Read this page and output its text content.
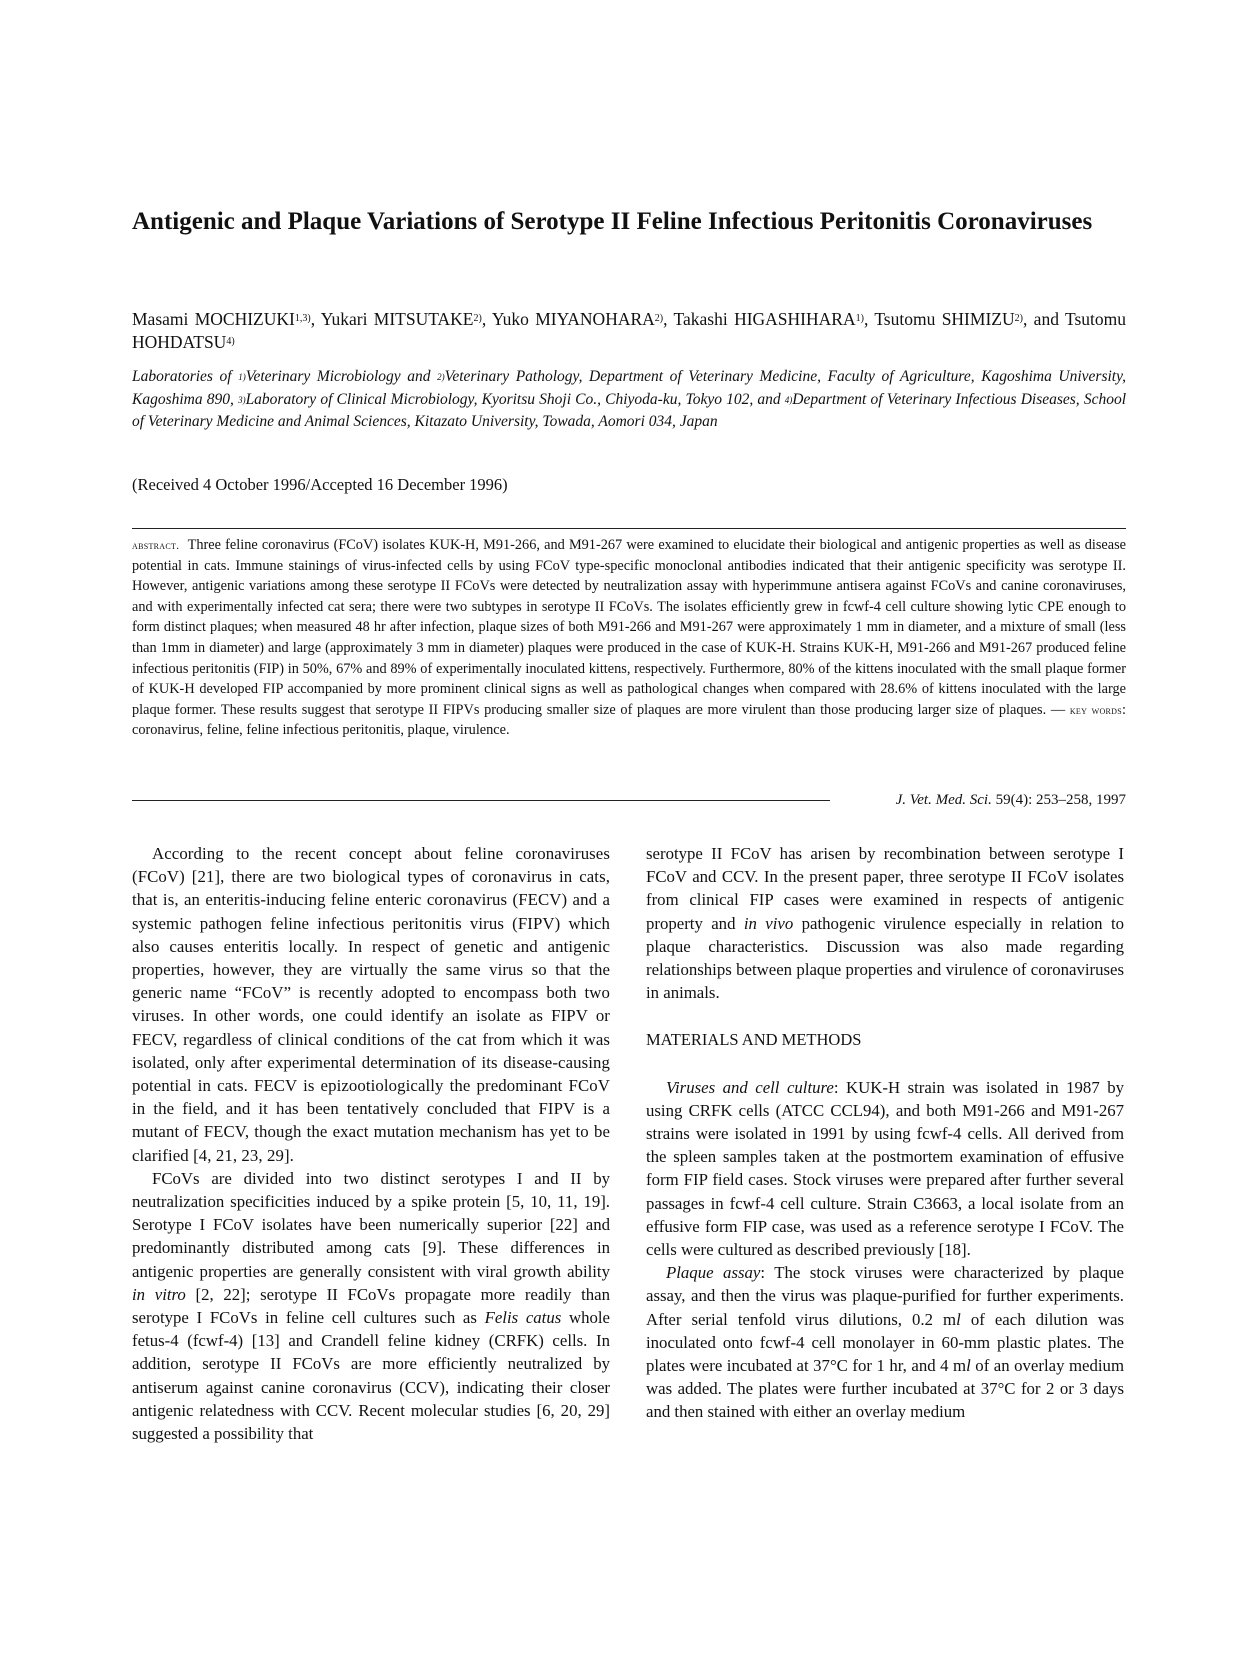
Antigenic and Plaque Variations of Serotype II Feline Infectious Peritonitis Coronaviruses

Masami MOCHIZUKI$^{1,3)}$, Yukari MITSUTAKE$^{2)}$, Yuko MIYANOHARA$^{2)}$, Takashi HIGASHIHARA$^{1)}$, Tsutomu SHIMIZU$^{2)}$, and Tsutomu HOHDATSU$^{4)}$

Laboratories of $^{1)}$Veterinary Microbiology and $^{2)}$Veterinary Pathology, Department of Veterinary Medicine, Faculty of Agriculture, Kagoshima University, Kagoshima 890, $^{3)}$Laboratory of Clinical Microbiology, Kyoritsu Shoji Co., Chiyoda-ku, Tokyo 102, and $^{4)}$Department of Veterinary Infectious Diseases, School of Veterinary Medicine and Animal Sciences, Kitazato University, Towada, Aomori 034, Japan

(Received 4 October 1996/Accepted 16 December 1996)

abstract. Three feline coronavirus (FCoV) isolates KUK-H, M91-266, and M91-267 were examined to elucidate their biological and antigenic properties as well as disease potential in cats. Immune stainings of virus-infected cells by using FCoV type-specific monoclonal antibodies indicated that their antigenic specificity was serotype II. However, antigenic variations among these serotype II FCoVs were detected by neutralization assay with hyperimmune antisera against FCoVs and canine coronaviruses, and with experimentally infected cat sera; there were two subtypes in serotype II FCoVs. The isolates efficiently grew in fcwf-4 cell culture showing lytic CPE enough to form distinct plaques; when measured 48 hr after infection, plaque sizes of both M91-266 and M91-267 were approximately 1 mm in diameter, and a mixture of small (less than 1mm in diameter) and large (approximately 3 mm in diameter) plaques were produced in the case of KUK-H. Strains KUK-H, M91-266 and M91-267 produced feline infectious peritonitis (FIP) in 50%, 67% and 89% of experimentally inoculated kittens, respectively. Furthermore, 80% of the kittens inoculated with the small plaque former of KUK-H developed FIP accompanied by more prominent clinical signs as well as pathological changes when compared with 28.6% of kittens inoculated with the large plaque former. These results suggest that serotype II FIPVs producing smaller size of plaques are more virulent than those producing larger size of plaques. — key words: coronavirus, feline, feline infectious peritonitis, plaque, virulence.

J. Vet. Med. Sci. 59(4): 253–258, 1997

According to the recent concept about feline coronaviruses (FCoV) [21], there are two biological types of coronavirus in cats, that is, an enteritis-inducing feline enteric coronavirus (FECV) and a systemic pathogen feline infectious peritonitis virus (FIPV) which also causes enteritis locally. In respect of genetic and antigenic properties, however, they are virtually the same virus so that the generic name “FCoV” is recently adopted to encompass both two viruses. In other words, one could identify an isolate as FIPV or FECV, regardless of clinical conditions of the cat from which it was isolated, only after experimental determination of its disease-causing potential in cats. FECV is epizootiologically the predominant FCoV in the field, and it has been tentatively concluded that FIPV is a mutant of FECV, though the exact mutation mechanism has yet to be clarified [4, 21, 23, 29].

FCoVs are divided into two distinct serotypes I and II by neutralization specificities induced by a spike protein [5, 10, 11, 19]. Serotype I FCoV isolates have been numerically superior [22] and predominantly distributed among cats [9]. These differences in antigenic properties are generally consistent with viral growth ability in vitro [2, 22]; serotype II FCoVs propagate more readily than serotype I FCoVs in feline cell cultures such as Felis catus whole fetus-4 (fcwf-4) [13] and Crandell feline kidney (CRFK) cells. In addition, serotype II FCoVs are more efficiently neutralized by antiserum against canine coronavirus (CCV), indicating their closer antigenic relatedness with CCV. Recent molecular studies [6, 20, 29] suggested a possibility that

serotype II FCoV has arisen by recombination between serotype I FCoV and CCV. In the present paper, three serotype II FCoV isolates from clinical FIP cases were examined in respects of antigenic property and in vivo pathogenic virulence especially in relation to plaque characteristics. Discussion was also made regarding relationships between plaque properties and virulence of coronaviruses in animals.

MATERIALS AND METHODS

Viruses and cell culture: KUK-H strain was isolated in 1987 by using CRFK cells (ATCC CCL94), and both M91-266 and M91-267 strains were isolated in 1991 by using fcwf-4 cells. All derived from the spleen samples taken at the postmortem examination of effusive form FIP field cases. Stock viruses were prepared after further several passages in fcwf-4 cell culture. Strain C3663, a local isolate from an effusive form FIP case, was used as a reference serotype I FCoV. The cells were cultured as described previously [18].

Plaque assay: The stock viruses were characterized by plaque assay, and then the virus was plaque-purified for further experiments. After serial tenfold virus dilutions, 0.2 ml of each dilution was inoculated onto fcwf-4 cell monolayer in 60-mm plastic plates. The plates were incubated at 37°C for 1 hr, and 4 ml of an overlay medium was added. The plates were further incubated at 37°C for 2 or 3 days and then stained with either an overlay medium
